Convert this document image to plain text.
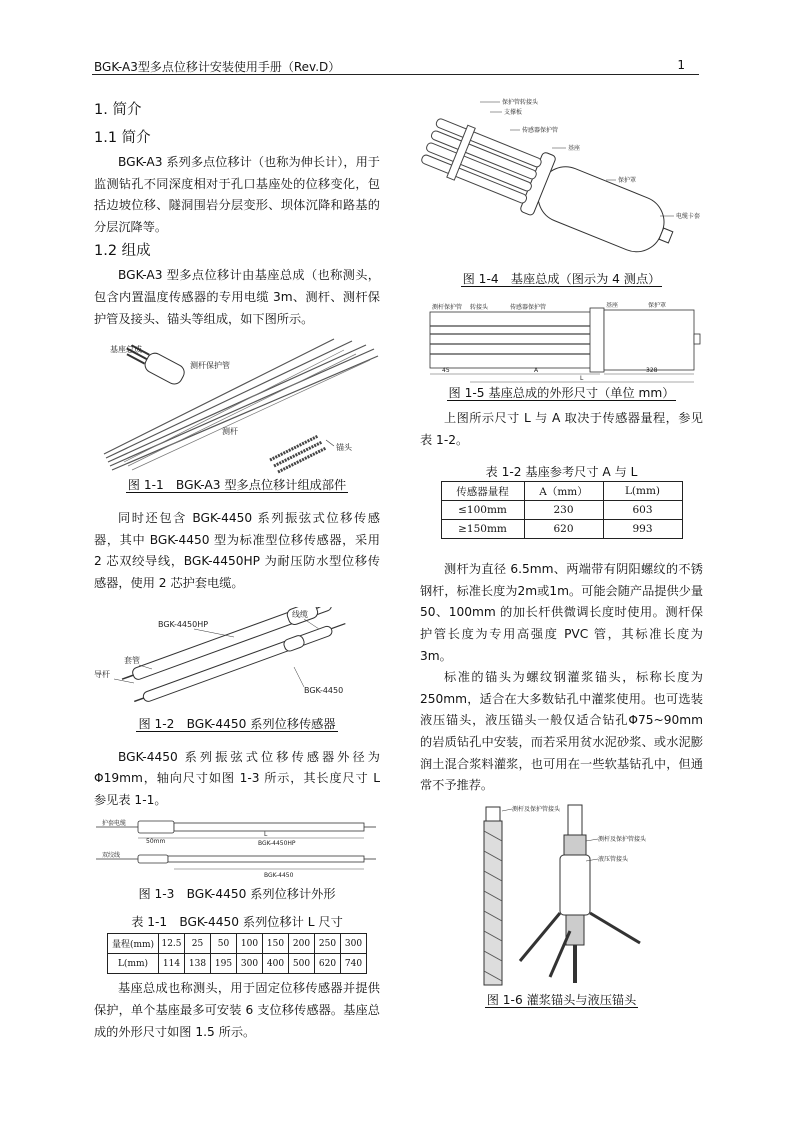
BGK-A3型多点位移计安装使用手册（Rev.D）	1
1. 简介
1.1 简介

BGK-A3 系列多点位移计（也称为伸长计），用于监测钻孔不同深度相对于孔口基座处的位移变化，包括边坡位移、隧洞围岩分层变形、坝体沉降和路基的分层沉降等。

1.2 组成

BGK-A3 型多点位移计由基座总成（也称测头，包含内置温度传感器的专用电缆 3m、测杆、测杆保护管及接头、锚头等组成，如下图所示。

基座总成
测杆保护管
测杆
锚头
图 1-1　BGK-A3 型多点位移计组成部件

同时还包含 BGK-4450 系列振弦式位移传感器，其中 BGK-4450 型为标准型位移传感器，采用 2 芯双绞导线，BGK-4450HP 为耐压防水型位移传感器，使用 2 芯护套电缆。

BGK-4450HP
线缆
套管
导杆
BGK-4450
图 1-2　BGK-4450 系列位移传感器

BGK-4450 系列振弦式位移传感器外径为Φ19mm，轴向尺寸如图 1-3 所示，其长度尺寸 L 参见表 1-1。

护套电缆
50mm	BGK-4450HP
双绞线
BGK-4450
L
图 1-3　BGK-4450 系列位移计外形

表 1-1　BGK-4450 系列位移计 L 尺寸

量程(mm)	12.5	25	50	100	150	200	250	300
L(mm)	114	138	195	300	400	500	620	740

基座总成也称测头，用于固定位移传感器并提供保护，单个基座最多可安装 6 支位移传感器。基座总成的外形尺寸如图 1.5 所示。

保护管转接头
支撑板
传感器保护管
基座
保护罩
电缆卡套
图 1-4　基座总成（图示为 4 测点）
测杆保护管 转接头	传感器保护管	基座	保护罩
45	A	328
L
图 1-5 基座总成的外形尺寸（单位 mm）

上图所示尺寸 L 与 A 取决于传感器量程，参见表 1-2。

表 1-2 基座参考尺寸 A 与 L

传感器量程	A（mm）	L(mm)
≤100mm	230	603
≥150mm	620	993

测杆为直径 6.5mm、两端带有阴阳螺纹的不锈钢杆，标准长度为2m或1m。可能会随产品提供少量50、100mm 的加长杆供微调长度时使用。测杆保护管长度为专用高强度 PVC 管，其标准长度为 3m。

标准的锚头为螺纹钢灌浆锚头，标称长度为250mm，适合在大多数钻孔中灌浆使用。也可选装液压锚头，液压锚头一般仅适合钻孔Φ75~90mm 的岩质钻孔中安装，而若采用贫水泥砂浆、或水泥膨润土混合浆料灌浆，也可用在一些软基钻孔中，但通常不予推荐。

测杆及保护管接头
测杆及保护管接头
液压管接头
图 1-6 灌浆锚头与液压锚头
